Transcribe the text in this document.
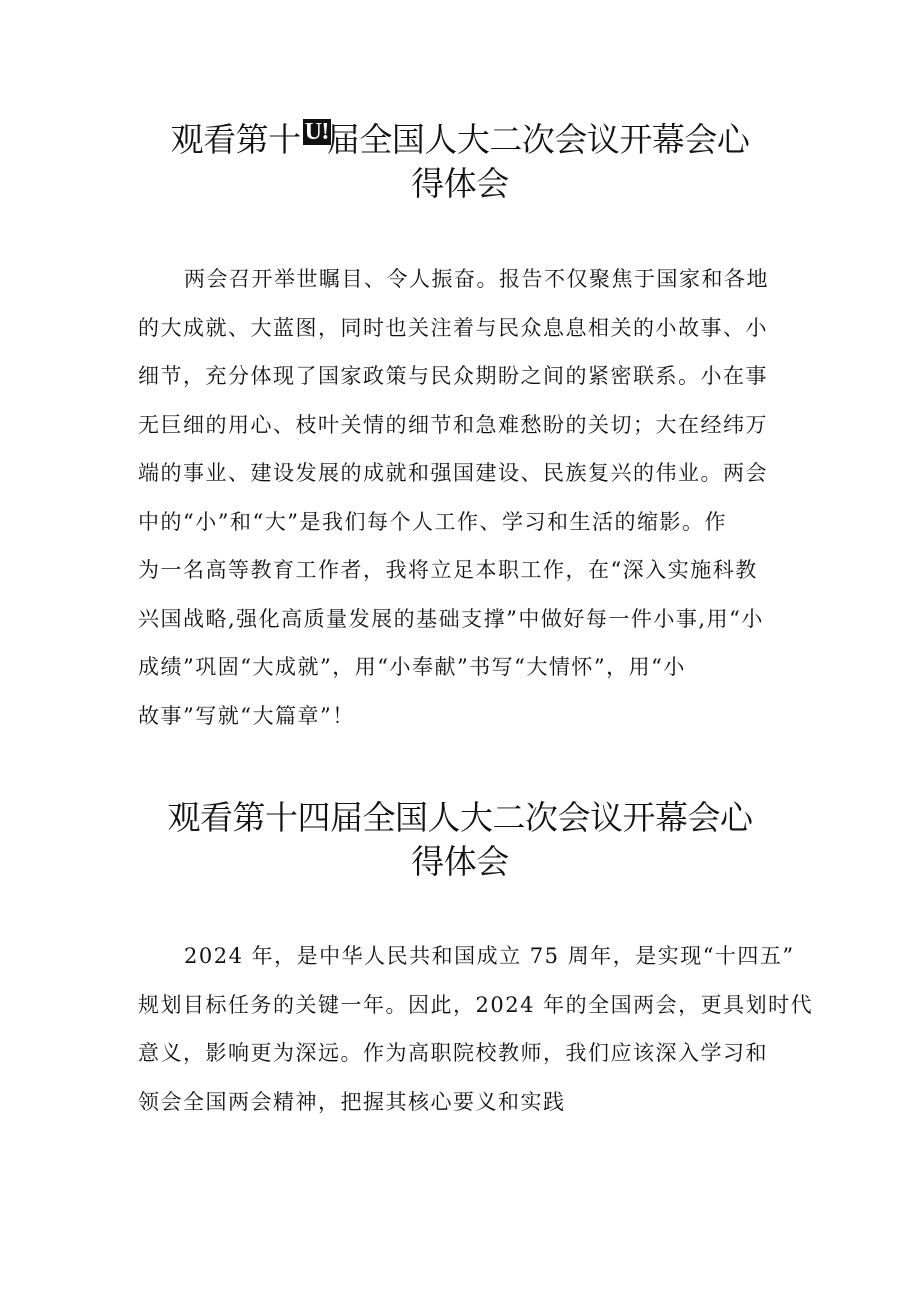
观看第十 U!届全国人大二次会议开幕会心
得体会
两会召开举世瞩目、令人振奋。报告不仅聚焦于国家和各地
的大成就、大蓝图，同时也关注着与民众息息相关的小故事、小
细节，充分体现了国家政策与民众期盼之间的紧密联系。小在事
无巨细的用心、枝叶关情的细节和急难愁盼的关切；大在经纬万
端的事业、建设发展的成就和强国建设、民族复兴的伟业。两会
中的“小”和“大”是我们每个人工作、学习和生活的缩影。作
为一名高等教育工作者，我将立足本职工作，在“深入实施科教
兴国战略,强化高质量发展的基础支撑”中做好每一件小事,用“小
成绩”巩固“大成就”，用“小奉献”书写“大情怀”，用“小
故事”写就“大篇章”！
观看第十四届全国人大二次会议开幕会心
得体会
2024 年，是中华人民共和国成立 75 周年，是实现“十四五”
规划目标任务的关键一年。因此，2024 年的全国两会，更具划时代
意义，影响更为深远。作为高职院校教师，我们应该深入学习和
领会全国两会精神，把握其核心要义和实践
